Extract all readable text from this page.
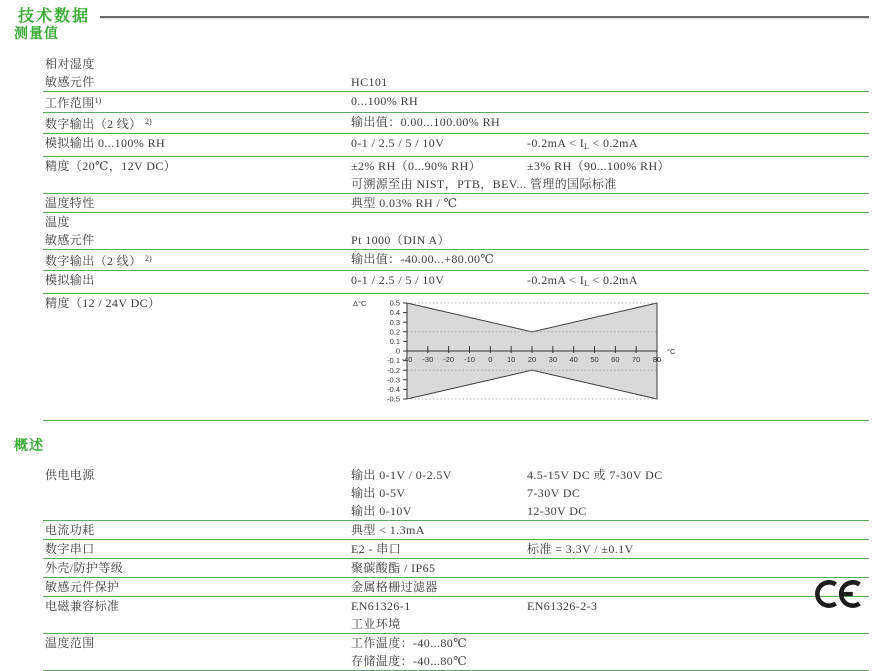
技术数据
测量值
相对湿度
敏感元件	HC101
工作范围$^{1)}$	0...100% RH
数字输出（2 线） $^{2)}$	输出值：0.00...100.00% RH
模拟输出 0...100% RH	0-1 / 2.5 / 5 / 10V	$-0.2mA < I_L < 0.2mA$
精度（20℃，12V DC）	±2% RH（0...90% RH）	±3% RH（90...100% RH）
可溯源至由 NIST，PTB，BEV... 管理的国际标准
温度特性	典型 0.03% RH / ℃
温度
敏感元件	Pt 1000（DIN A）
数字输出（2 线） $^{2)}$	输出值：-40.00...+80.00℃
模拟输出	0-1 / 2.5 / 5 / 10V	$-0.2mA < I_L < 0.2mA$
精度（12 / 24V DC）	0.5
0.4
0.3
0.2
0.1
0
-0.1
-0.2
-0.3
-0.4
-0.5
-40 -30 -20 -10 0 10 20 30 40 50 60 70 80
Δ°C
°C
概述
供电电源	输出 0-1V / 0-2.5V	4.5-15V DC 或 7-30V DC
输出 0-5V	7-30V DC
输出 0-10V	12-30V DC
电流功耗	典型 < 1.3mA
数字串口	E2 - 串口	标准 = 3.3V / ±0.1V
外壳/防护等级	聚碳酸酯 / IP65
敏感元件保护	金属格栅过滤器
电磁兼容标准	EN61326-1	EN61326-2-3
工业环境
温度范围	工作温度：-40...80℃
存储温度：-40...80℃
